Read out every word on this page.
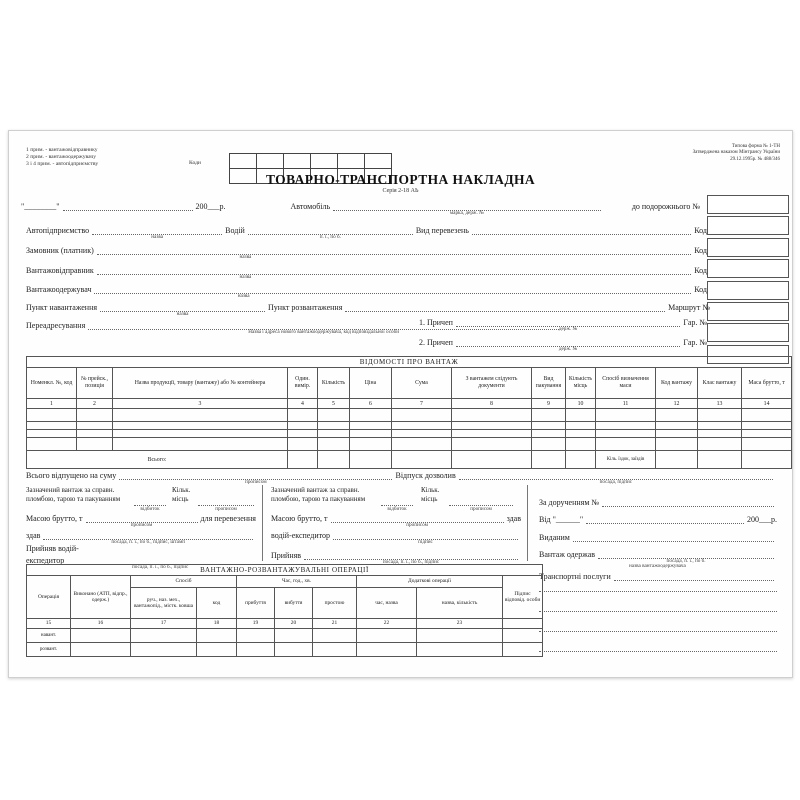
1 прим. - вантажовідправнику
2 прим. - вантажоодержувачу
3 і 4 прим. - автопідприємству	Коди
Типова форма № 1-ТН
Затверджена наказом Мінтрансу України
29.12.1995р. № 488/346
ТОВАРНО-ТРАНСПОРТНА НАКЛАДНА
Серія 2-18 АЬ
"________"	200___р.	Автомобіль
марка, держ. №
до подорожнього №
Автопідприємство
назва
Водій
п. і., по б.
Вид перевезень	Код
Замовник (платник)
назва
Код
Вантажовідправник
назва
Код
Вантажоодержувач
назва
Код
Пункт навантаження
назва
Пункт розвантаження	Маршрут №
Переадресування
Назва і адреса нового вантажоодержувача, код відповідальної особи
1. Причеп
держ. №
Гар. №
2. Причеп
держ. №
Гар. №
ВІДОМОСТІ ПРО ВАНТАЖ													
Номенкл. №, код	№ прейск., позиція	Назва продукції, товару (вантажу) або № контейнера	Один. вимір.	Кількість	Ціна	Сума	З вантажем слідують документи	Вид пакування	Кількість місць	Спосіб визначення маси	Код вантажу	Клас вантажу	Маса брутто, т
1	2	3	4	5	6	7	8	9	10	11	12	13	14

Всього:										Кіль. їздок, заїздів			
Всього відпущено на суму
прописом
Відпуск дозволив
посада, підпис
Зазначений вантаж за справн.
пломбою, тарою та пакуванням
відбиток
Кільк.
місць
прописом
Масою брутто, т
прописом
для перевезення
здав
посада, п. і., по б., підпис, штамп
Прийняв водій-
експедитор
посада, п. і., по б., підпис
Зазначений вантаж за справн.
пломбою, тарою та пакуванням
відбиток
Кільк.
місць
прописом
Масою брутто, т
прописом
здав
водій-експедитор
підпис
Прийняв
посада, п. і., по б., підпис
За дорученням №
Від "______"	200___р.
Виданим
Вантаж одержав
посада, п. і., по б.
назва вантажоодержувача
Транспортні послуги
ВАНТАЖНО-РОЗВАНТАЖУВАЛЬНІ ОПЕРАЦІЇ									
Операція	Виконано (АТП, відпр., одерж.)	Спосіб		Час, год., хв.			Додаткові операції		Підпис відповід. особи
		руч., наз. мех., вантажопід., містк. ковша	код	прибуття	вибуття	простою	час, назва	назва, кількість	
15	16	17	18	19	20	21	22	23	
навант.									
розвант.									
